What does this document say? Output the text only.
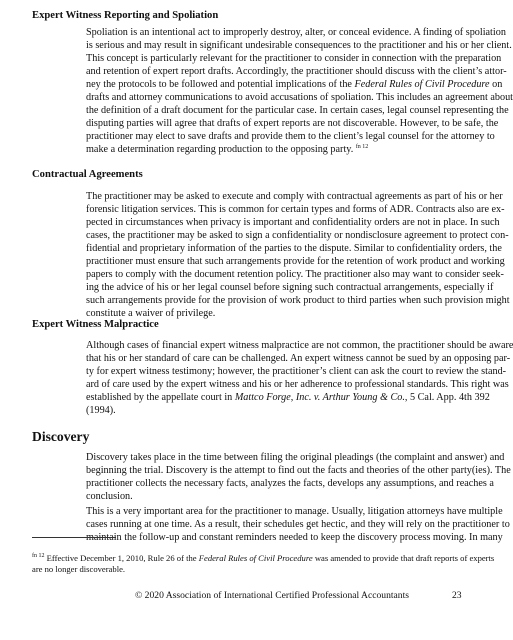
Expert Witness Reporting and Spoliation
Spoliation is an intentional act to improperly destroy, alter, or conceal evidence. A finding of spoliation
is serious and may result in significant undesirable consequences to the practitioner and his or her client.
This concept is particularly relevant for the practitioner to consider in connection with the preparation
and retention of expert report drafts. Accordingly, the practitioner should discuss with the client’s attor-
ney the protocols to be followed and potential implications of the Federal Rules of Civil Procedure on
drafts and attorney communications to avoid accusations of spoliation. This includes an agreement about
the definition of a draft document for the particular case. In certain cases, legal counsel representing the
disputing parties will agree that drafts of expert reports are not discoverable. However, to be safe, the
practitioner may elect to save drafts and provide them to the client’s legal counsel for the attorney to
make a determination regarding production to the opposing party. $^{fn 12}$
Contractual Agreements
The practitioner may be asked to execute and comply with contractual agreements as part of his or her
forensic litigation services. This is common for certain types and forms of ADR. Contracts also are ex-
pected in circumstances when privacy is important and confidentiality orders are not in place. In such
cases, the practitioner may be asked to sign a confidentiality or nondisclosure agreement to protect con-
fidential and proprietary information of the parties to the dispute. Similar to confidentiality orders, the
practitioner must ensure that such arrangements provide for the retention of work product and working
papers to comply with the document retention policy. The practitioner also may want to consider seek-
ing the advice of his or her legal counsel before signing such contractual arrangements, especially if
such arrangements provide for the provision of work product to third parties when such provision might
constitute a waiver of privilege.
Expert Witness Malpractice
Although cases of financial expert witness malpractice are not common, the practitioner should be aware
that his or her standard of care can be challenged. An expert witness cannot be sued by an opposing par-
ty for expert witness testimony; however, the practitioner’s client can ask the court to review the stand-
ard of care used by the expert witness and his or her adherence to professional standards. This right was
established by the appellate court in Mattco Forge, Inc. v. Arthur Young & Co., 5 Cal. App. 4th 392
(1994).
Discovery
Discovery takes place in the time between filing the original pleadings (the complaint and answer) and
beginning the trial. Discovery is the attempt to find out the facts and theories of the other party(ies). The
practitioner collects the necessary facts, analyzes the facts, develops any assumptions, and reaches a
conclusion.
This is a very important area for the practitioner to manage. Usually, litigation attorneys have multiple
cases running at one time. As a result, their schedules get hectic, and they will rely on the practitioner to
maintain the follow-up and constant reminders needed to keep the discovery process moving. In many
$^{fn 12}$ Effective December 1, 2010, Rule 26 of the Federal Rules of Civil Procedure was amended to provide that draft reports of experts
are no longer discoverable.
© 2020 Association of International Certified Professional Accountants	23
